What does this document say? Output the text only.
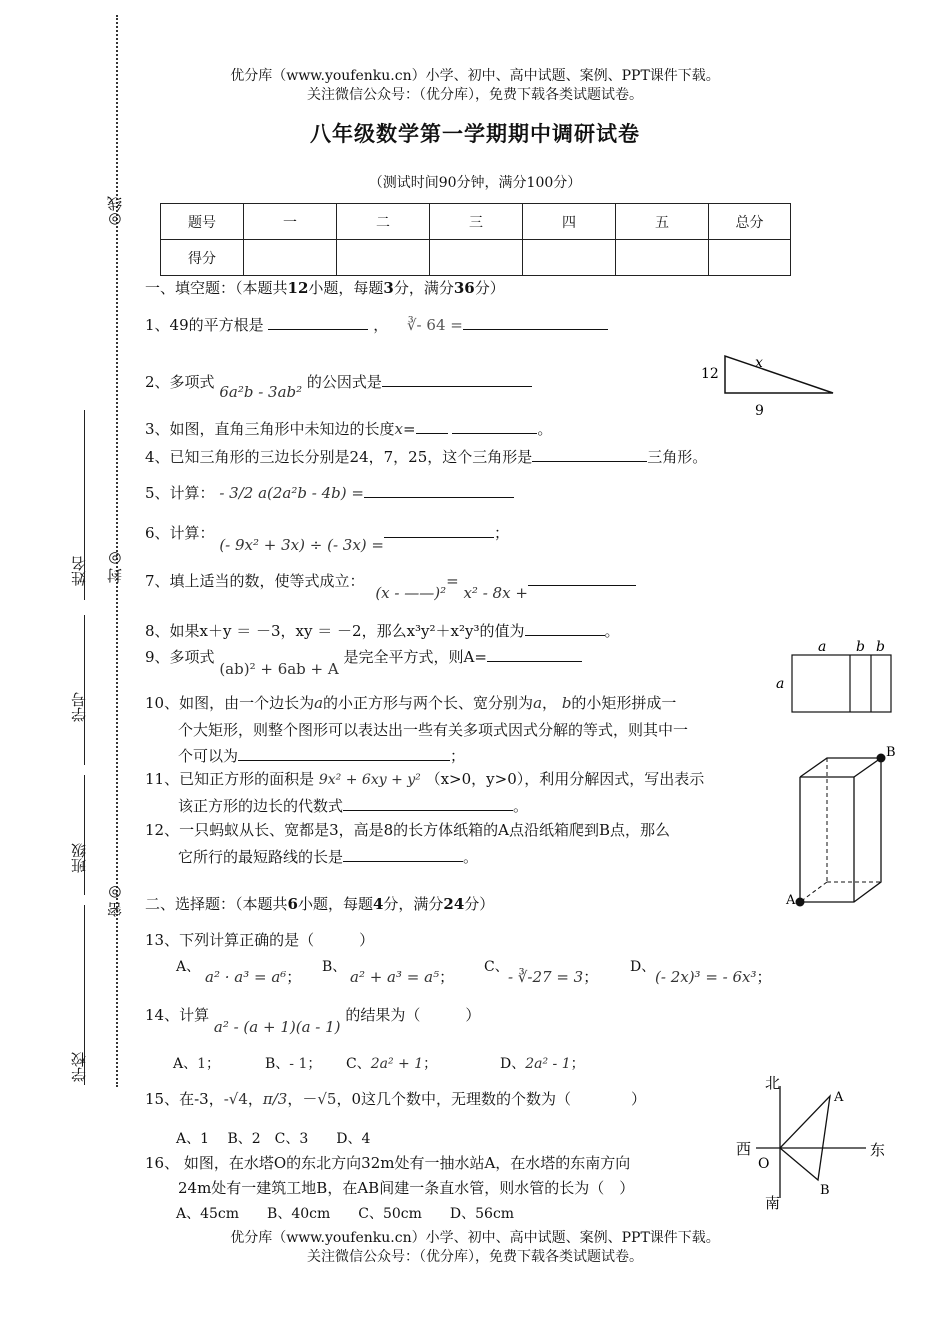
◎线
封◎
密◎
姓名
学号
班级
学校
优分库（www.youfenku.cn）小学、初中、高中试题、案例、PPT课件下载。
关注微信公众号：（优分库），免费下载各类试题试卷。
八年级数学第一学期期中调研试卷
（测试时间90分钟，满分100分）
题号	一	二	三	四	五	总分
得分						
一、填空题：（本题共12小题，每题3分，满分36分）
1、49的平方根是	， ∛- 64 =
2、多项式 6a²b - 3ab² 的公因式是
3、如图，直角三角形中未知边的长度x=	。
4、已知三角形的三边长分别是24，7，25，这个三角形是	三角形。
5、计算： - 3/2 a(2a²b - 4b) =
6、计算： (- 9x² + 3x) ÷ (- 3x) =；
7、填上适当的数，使等式成立： (x - ——)²= x² - 8x +
8、如果x＋y ＝ －3，xy ＝ －2，那么x³y²＋x²y³的值为	。
9、多项式 (ab)² + 6ab + A 是完全平方式，则A=
10、如图，由一个边长为a的小正方形与两个长、宽分别为a， b的小矩形拼成一
个大矩形，则整个图形可以表达出一些有关多项式因式分解的等式，则其中一
个可以为	；
11、已知正方形的面积是 9x² + 6xy + y² （x>0，y>0），利用分解因式，写出表示
该正方形的边长的代数式	。
12、一只蚂蚁从长、宽都是3，高是8的长方体纸箱的A点沿纸箱爬到B点，那么
它所行的最短路线的长是	。
二、选择题：（本题共6小题，每题4分，满分24分）
13、下列计算正确的是（　　　）
A、
a² · a³ = a⁶；
B、
a² + a³ = a⁵；
C、
- ∛-27 = 3；
D、
(- 2x)³ = - 6x³；
14、计算 a² - (a + 1)(a - 1) 的结果为（　　　）
A、1；	B、- 1； C、2a² + 1；	D、2a² - 1；
15、在-3，-√4，π/3，－√5，0这几个数中，无理数的个数为（　　　　）
A、1　 B、2　C、3　　D、4
16、 如图，在水塔O的东北方向32m处有一抽水站A，在水塔的东南方向
24m处有一建筑工地B，在AB间建一条直水管，则水管的长为（　）
A、45cm　　B、40cm　　C、50cm　　D、56cm
优分库（www.youfenku.cn）小学、初中、高中试题、案例、PPT课件下载。
关注微信公众号：（优分库），免费下载各类试题试卷。
12
9
x
a b b
a
B
A
北
南
东
西
O
A
B
